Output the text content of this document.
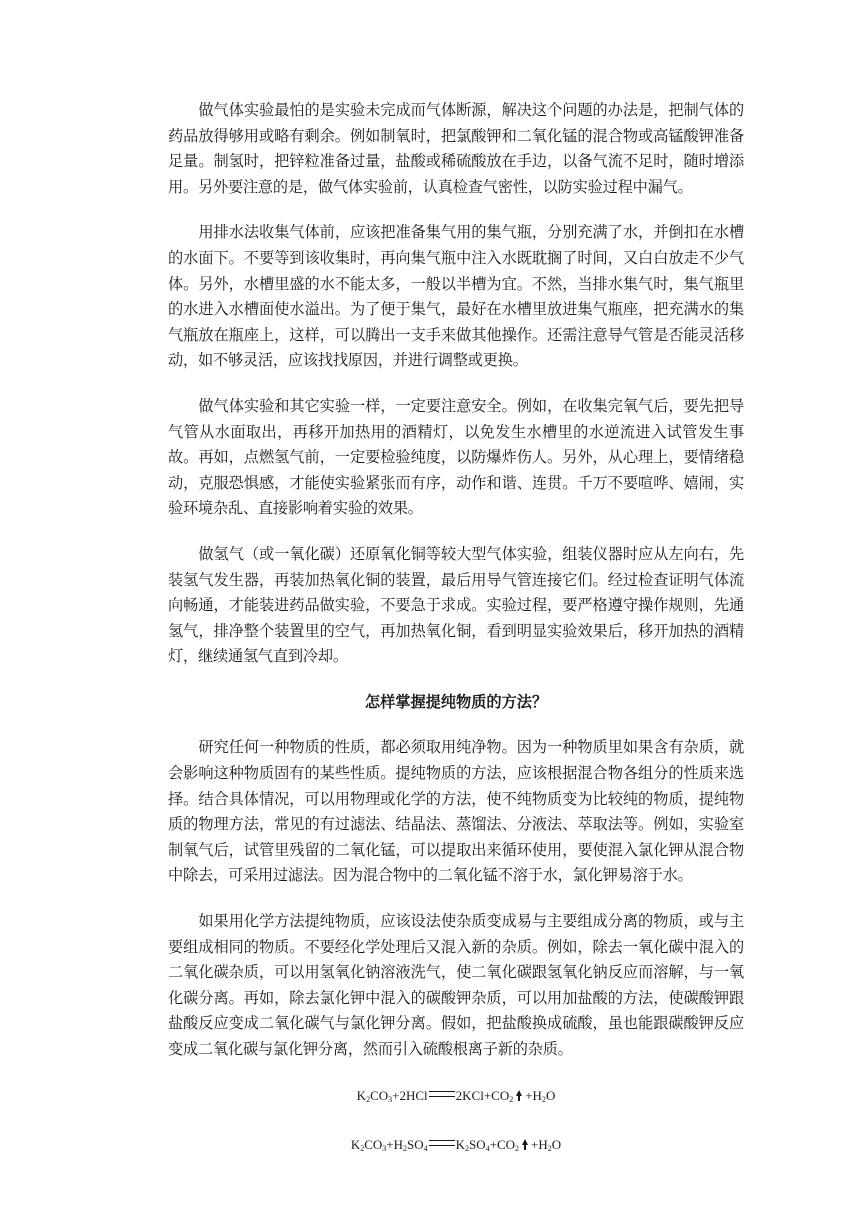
做气体实验最怕的是实验未完成而气体断源，解决这个问题的办法是，把制气体的药品放得够用或略有剩余。例如制氧时，把氯酸钾和二氧化锰的混合物或高锰酸钾准备足量。制氢时，把锌粒准备过量，盐酸或稀硫酸放在手边，以备气流不足时，随时增添用。另外要注意的是，做气体实验前，认真检查气密性，以防实验过程中漏气。

用排水法收集气体前，应该把准备集气用的集气瓶，分别充满了水，并倒扣在水槽的水面下。不要等到该收集时，再向集气瓶中注入水既耽搁了时间，又白白放走不少气体。另外，水槽里盛的水不能太多，一般以半槽为宜。不然，当排水集气时，集气瓶里的水进入水槽面使水溢出。为了便于集气，最好在水槽里放进集气瓶座，把充满水的集气瓶放在瓶座上，这样，可以腾出一支手来做其他操作。还需注意导气管是否能灵活移动，如不够灵活，应该找找原因，并进行调整或更换。

做气体实验和其它实验一样，一定要注意安全。例如，在收集完氧气后，要先把导气管从水面取出，再移开加热用的酒精灯，以免发生水槽里的水逆流进入试管发生事故。再如，点燃氢气前，一定要检验纯度，以防爆炸伤人。另外，从心理上，要情绪稳动，克服恐惧感，才能使实验紧张而有序，动作和谐、连贯。千万不要喧哗、嬉闹，实验环境杂乱、直接影响着实验的效果。

做氢气（或一氧化碳）还原氧化铜等较大型气体实验，组装仪器时应从左向右，先装氢气发生器，再装加热氧化铜的装置，最后用导气管连接它们。经过检查证明气体流向畅通，才能装进药品做实验，不要急于求成。实验过程，要严格遵守操作规则，先通氢气，排净整个装置里的空气，再加热氧化铜，看到明显实验效果后，移开加热的酒精灯，继续通氢气直到冷却。

怎样掌握提纯物质的方法？

研究任何一种物质的性质，都必须取用纯净物。因为一种物质里如果含有杂质，就会影响这种物质固有的某些性质。提纯物质的方法，应该根据混合物各组分的性质来选择。结合具体情况，可以用物理或化学的方法，使不纯物质变为比较纯的物质，提纯物质的物理方法，常见的有过滤法、结晶法、蒸馏法、分液法、萃取法等。例如，实验室制氧气后，试管里残留的二氧化锰，可以提取出来循环使用，要使混入氯化钾从混合物中除去，可采用过滤法。因为混合物中的二氧化锰不溶于水，氯化钾易溶于水。

如果用化学方法提纯物质，应该设法使杂质变成易与主要组成分离的物质，或与主要组成相同的物质。不要经化学处理后又混入新的杂质。例如，除去一氧化碳中混入的二氧化碳杂质，可以用氢氧化钠溶液洗气，使二氧化碳跟氢氧化钠反应而溶解，与一氧化碳分离。再如，除去氯化钾中混入的碳酸钾杂质，可以用加盐酸的方法，使碳酸钾跟盐酸反应变成二氧化碳气与氯化钾分离。假如，把盐酸换成硫酸，虽也能跟碳酸钾反应变成二氧化碳与氯化钾分离，然而引入硫酸根离子新的杂质。

$K_2CO_3+2HCl$ $2KCl+CO_2 +H_2O$

$K_2CO_3+H_2SO_4$ $K_2SO_4+CO_2 +H_2O$
